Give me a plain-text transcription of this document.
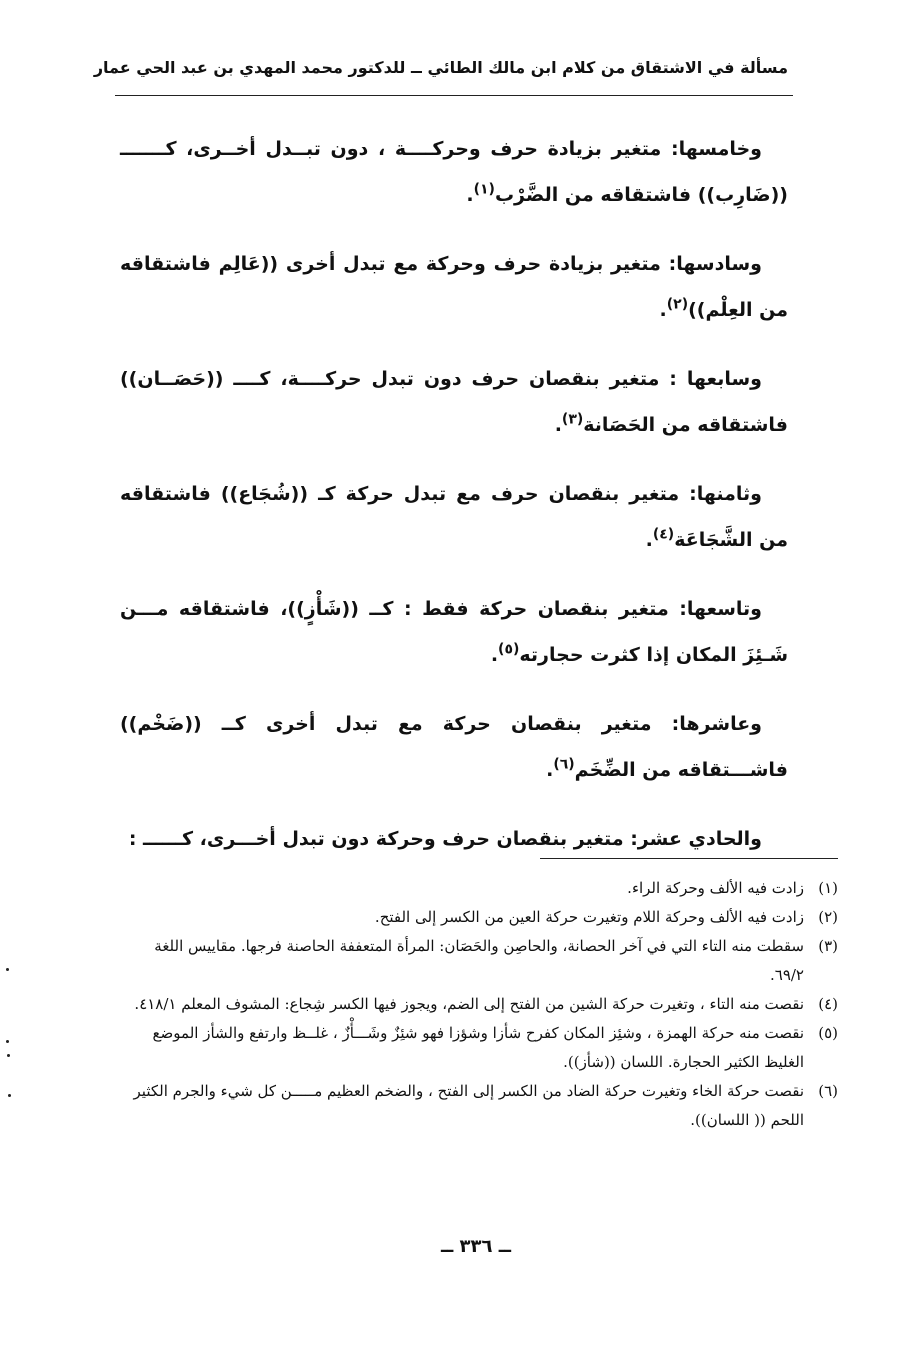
مسألة في الاشتقاق من كلام ابن مالك الطائي ــ للدكتور محمد المهدي بن عبد الحي عمار

وخامسها: متغير بزيادة حرف وحركــــة ، دون تبــدل أخــرى، كـــــــ ((ضَارِب)) فاشتقاقه من الضَّرْب$^{(١)}$.

وسادسها: متغير بزيادة حرف وحركة مع تبدل أخرى ((عَالِم فاشتقاقه من العِلْم))$^{(٢)}$.

وسابعها : متغير بنقصان حرف دون تبدل حركــــة، كــــ ((حَصَــان)) فاشتقاقه من الحَصَانة$^{(٣)}$.

وثامنها: متغير بنقصان حرف مع تبدل حركة كـ ((شُجَاع)) فاشتقاقه من الشَّجَاعَة$^{(٤)}$.

وتاسعها: متغير بنقصان حركة فقط : كــ ((شَأْزٍ))، فاشتقاقه مـــن شَـئِزَ المكان إذا كثرت حجارته$^{(٥)}$.

وعاشرها: متغير بنقصان حركة مع تبدل أخرى كــ ((ضَخْم)) فاشـــتقاقه من الضِّخَم$^{(٦)}$.

والحادي عشر: متغير بنقصان حرف وحركة دون تبدل أخـــرى، كــــــ :

(١)زادت فيه الألف وحركة الراء.

(٢)زادت فيه الألف وحركة اللام وتغيرت حركة العين من الكسر إلى الفتح.

(٣)سقطت منه التاء التي في آخر الحصانة، والحاصِن والحَصَان: المرأة المتعففة الحاصنة فرجها. مقاييس اللغة ٦٩/٢.

(٤)نقصت منه التاء ، وتغيرت حركة الشين من الفتح إلى الضم، ويجوز فيها الكسر شِجاع: المشوف المعلم ٤١٨/١.

(٥)نقصت منه حركة الهمزة ، وشئِز المكان كفرح شأزا وشؤزا فهو شئِزٌ وشَـــأْزٌ ، غلــظ وارتفع والشأز الموضع الغليظ الكثير الحجارة. اللسان ((شأز)).

(٦)نقصت حركة الخاء وتغيرت حركة الضاد من الكسر إلى الفتح ، والضخم العظيم مـــــن كل شيء والجرم الكثير اللحم (( اللسان)).

ــ ٣٣٦ ــ
